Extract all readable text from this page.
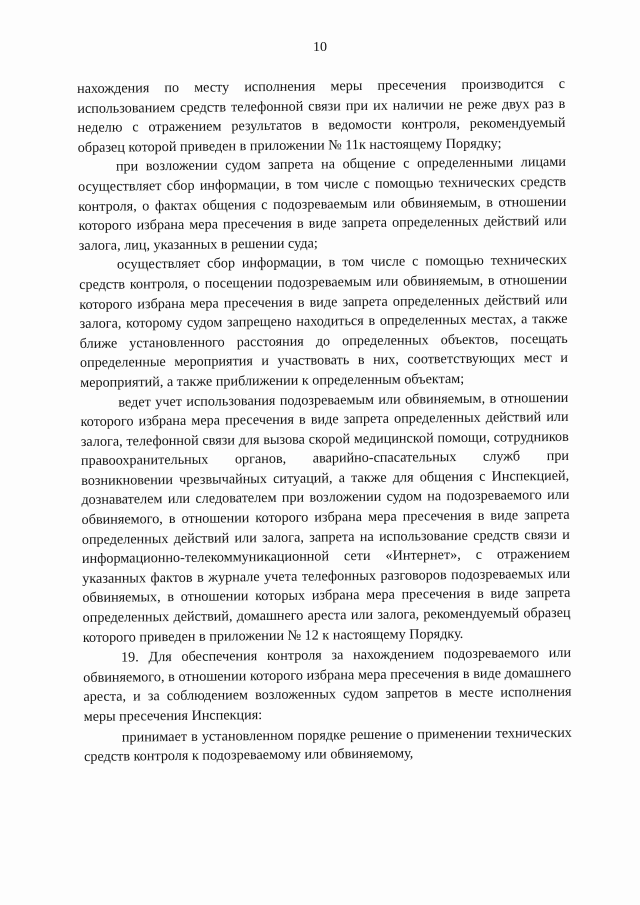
10

нахождения по месту исполнения меры пресечения производится с использованием средств телефонной связи при их наличии не реже двух раз в неделю с отражением результатов в ведомости контроля, рекомендуемый образец которой приведен в приложении № 11к настоящему Порядку;

при возложении судом запрета на общение с определенными лицами осуществляет сбор информации, в том числе с помощью технических средств контроля, о фактах общения с подозреваемым или обвиняемым, в отношении которого избрана мера пресечения в виде запрета определенных действий или залога, лиц, указанных в решении суда;

осуществляет сбор информации, в том числе с помощью технических средств контроля, о посещении подозреваемым или обвиняемым, в отношении которого избрана мера пресечения в виде запрета определенных действий или залога, которому судом запрещено находиться в определенных местах, а также ближе установленного расстояния до определенных объектов, посещать определенные мероприятия и участвовать в них, соответствующих мест и мероприятий, а также приближении к определенным объектам;

ведет учет использования подозреваемым или обвиняемым, в отношении которого избрана мера пресечения в виде запрета определенных действий или залога, телефонной связи для вызова скорой медицинской помощи, сотрудников правоохранительных органов, аварийно-спасательных служб при возникновении чрезвычайных ситуаций, а также для общения с Инспекцией, дознавателем или следователем при возложении судом на подозреваемого или обвиняемого, в отношении которого избрана мера пресечения в виде запрета определенных действий или залога, запрета на использование средств связи и информационно-телекоммуникационной сети «Интернет», с отражением указанных фактов в журнале учета телефонных разговоров подозреваемых или обвиняемых, в отношении которых избрана мера пресечения в виде запрета определенных действий, домашнего ареста или залога, рекомендуемый образец которого приведен в приложении № 12 к настоящему Порядку.

19. Для обеспечения контроля за нахождением подозреваемого или обвиняемого, в отношении которого избрана мера пресечения в виде домашнего ареста, и за соблюдением возложенных судом запретов в месте исполнения меры пресечения Инспекция:

принимает в установленном порядке решение о применении технических средств контроля к подозреваемому или обвиняемому,
